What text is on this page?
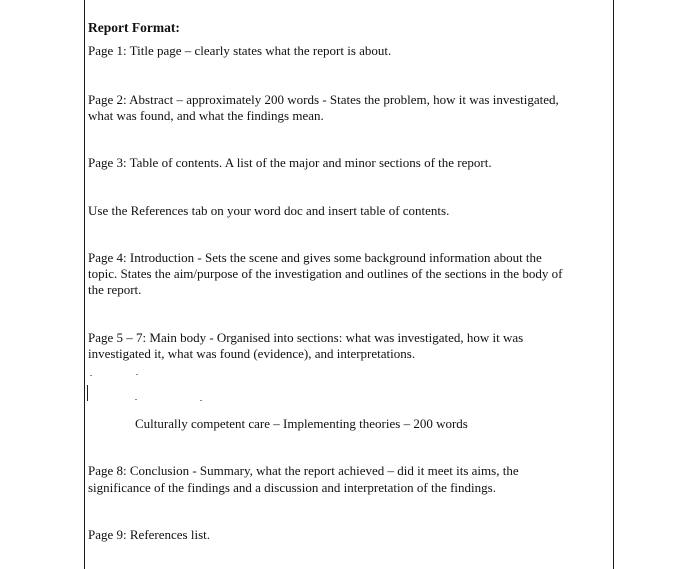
Report Format:
Page 1: Title page – clearly states what the report is about.
Page 2: Abstract – approximately 200 words - States the problem, how it was investigated,
what was found, and what the findings mean.
Page 3: Table of contents. A list of the major and minor sections of the report.
Use the References tab on your word doc and insert table of contents.
Page 4: Introduction - Sets the scene and gives some background information about the
topic. States the aim/purpose of the investigation and outlines of the sections in the body of
the report.
Page 5 – 7: Main body - Organised into sections: what was investigated, how it was
investigated it, what was found (evidence), and interpretations.
Culturally competent care – Implementing theories – 200 words
Page 8: Conclusion - Summary, what the report achieved – did it meet its aims, the
significance of the findings and a discussion and interpretation of the findings.
Page 9: References list.
